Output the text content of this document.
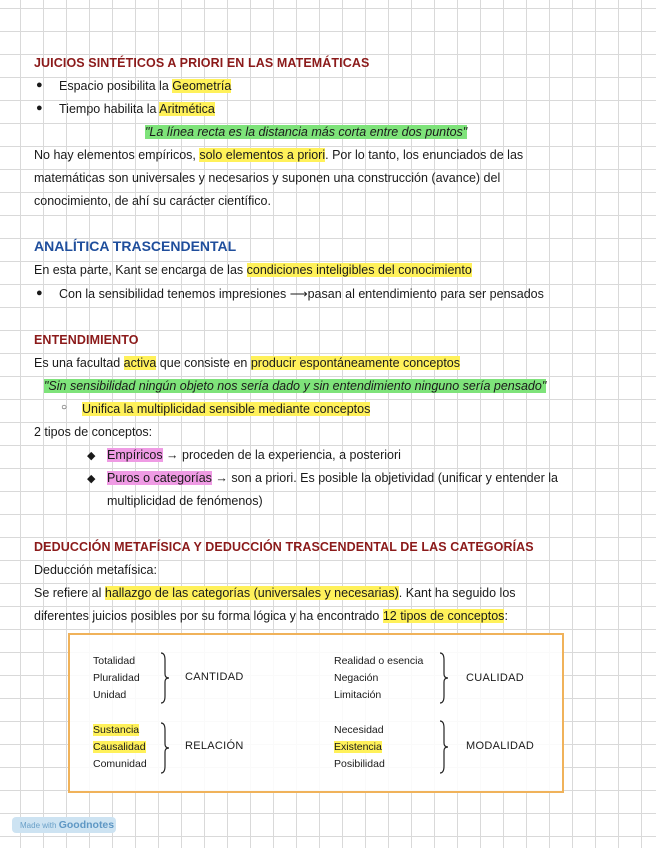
JUICIOS SINTÉTICOS A PRIORI EN LAS MATEMÁTICAS
● Espacio posibilita la Geometría
● Tiempo habilita la Aritmética
"La línea recta es la distancia más corta entre dos puntos"
No hay elementos empíricos, solo elementos a priori. Por lo tanto, los enunciados de las
matemáticas son universales y necesarios y suponen una construcción (avance) del
conocimiento, de ahí su carácter científico.
ANALÍTICA TRASCENDENTAL
En esta parte, Kant se encarga de las condiciones inteligibles del conocimiento
● Con la sensibilidad tenemos impresiones ⟶pasan al entendimiento para ser pensados
ENTENDIMIENTO
Es una facultad activa que consiste en producir espontáneamente conceptos
"Sin sensibilidad ningún objeto nos sería dado y sin entendimiento ninguno sería pensado"
○ Unifica la multiplicidad sensible mediante conceptos
2 tipos de conceptos:
◆ Empíricos → proceden de la experiencia, a posteriori
◆ Puros o categorías → son a priori. Es posible la objetividad (unificar y entender la
multiplicidad de fenómenos)
DEDUCCIÓN METAFÍSICA Y DEDUCCIÓN TRASCENDENTAL DE LAS CATEGORÍAS
Deducción metafísica:
Se refiere al hallazgo de las categorías (universales y necesarias). Kant ha seguido los
diferentes juicios posibles por su forma lógica y ha encontrado 12 tipos de conceptos:
Totalidad
Pluralidad
Unidad
CANTIDAD
Realidad o esencia
Negación
Limitación
CUALIDAD
Sustancia
Causalidad
Comunidad
RELACIÓN
Necesidad
Existencia
Posibilidad
MODALIDAD
Made with Goodnotes
